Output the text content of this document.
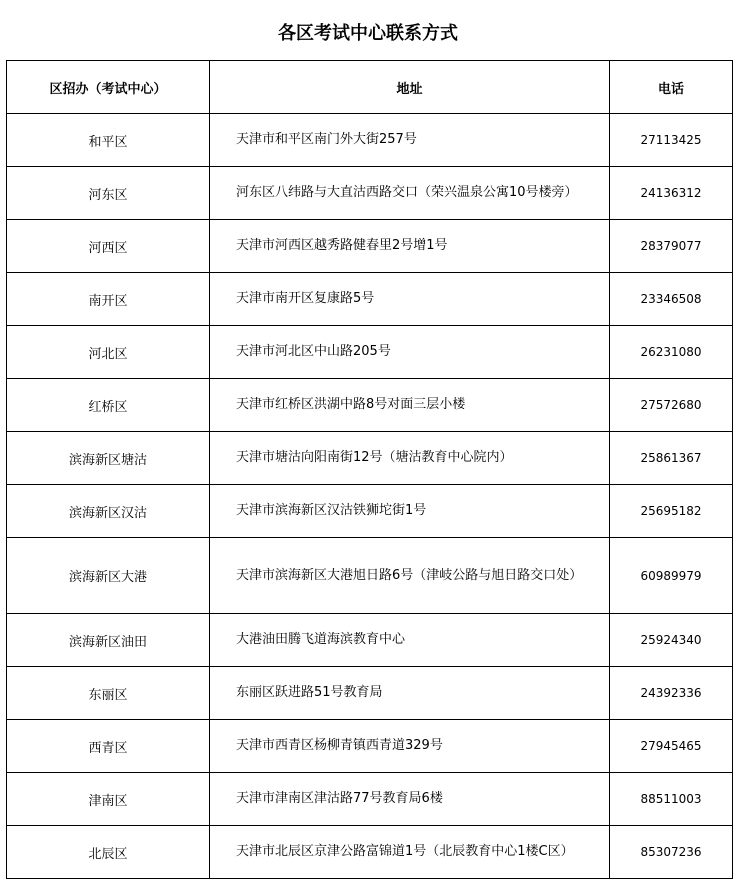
各区考试中心联系方式
区招办（考试中心）	地址	电话
和平区	天津市和平区南门外大街257号	27113425
河东区	河东区八纬路与大直沽西路交口（荣兴温泉公寓10号楼旁）	24136312
河西区	天津市河西区越秀路健春里2号增1号	28379077
南开区	天津市南开区复康路5号	23346508
河北区	天津市河北区中山路205号	26231080
红桥区	天津市红桥区洪湖中路8号对面三层小楼	27572680
滨海新区塘沽	天津市塘沽向阳南街12号（塘沽教育中心院内）	25861367
滨海新区汉沽	天津市滨海新区汉沽铁狮坨街1号	25695182
滨海新区大港	天津市滨海新区大港旭日路6号（津岐公路与旭日路交口处）	60989979
滨海新区油田	大港油田腾飞道海滨教育中心	25924340
东丽区	东丽区跃进路51号教育局	24392336
西青区	天津市西青区杨柳青镇西青道329号	27945465
津南区	天津市津南区津沽路77号教育局6楼	88511003
北辰区	天津市北辰区京津公路富锦道1号（北辰教育中心1楼C区）	85307236
